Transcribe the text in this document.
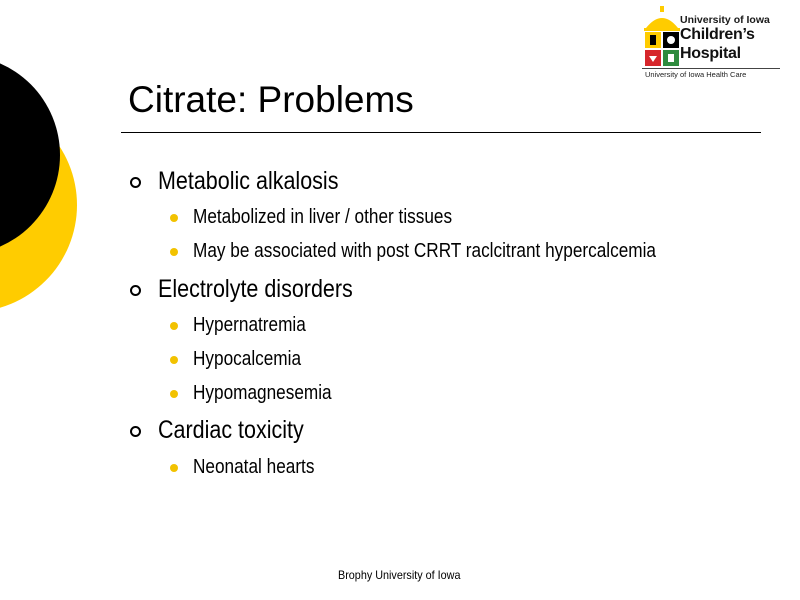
University of Iowa
Children’s
Hospital
University of Iowa Health Care
Citrate: Problems
Metabolic alkalosis
Metabolized in liver / other tissues
May be associated with post CRRT raclcitrant hypercalcemia
Electrolyte disorders
Hypernatremia
Hypocalcemia
Hypomagnesemia
Cardiac toxicity
Neonatal hearts
Brophy University of Iowa
